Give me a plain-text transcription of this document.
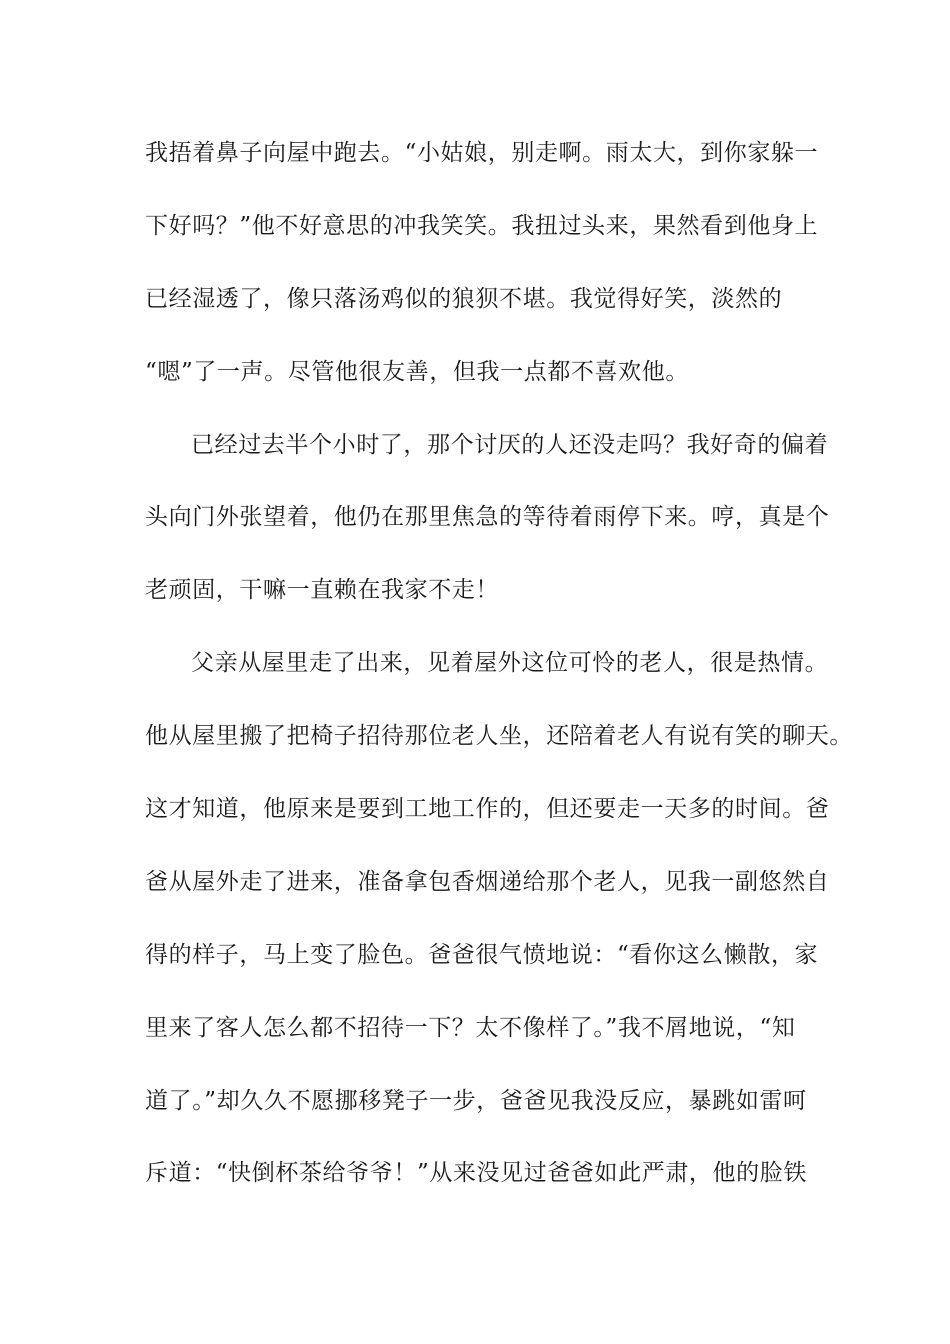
我捂着鼻子向屋中跑去。“小姑娘，别走啊。雨太大，到你家躲一
下好吗？”他不好意思的冲我笑笑。我扭过头来，果然看到他身上
已经湿透了，像只落汤鸡似的狼狈不堪。我觉得好笑，淡然的
“嗯”了一声。尽管他很友善，但我一点都不喜欢他。
已经过去半个小时了，那个讨厌的人还没走吗？我好奇的偏着
头向门外张望着，他仍在那里焦急的等待着雨停下来。哼，真是个
老顽固，干嘛一直赖在我家不走！
父亲从屋里走了出来，见着屋外这位可怜的老人，很是热情。
他从屋里搬了把椅子招待那位老人坐，还陪着老人有说有笑的聊天。
这才知道，他原来是要到工地工作的，但还要走一天多的时间。爸
爸从屋外走了进来，准备拿包香烟递给那个老人，见我一副悠然自
得的样子，马上变了脸色。爸爸很气愤地说：“看你这么懒散，家
里来了客人怎么都不招待一下？太不像样了。”我不屑地说，“知
道了。”却久久不愿挪移凳子一步，爸爸见我没反应，暴跳如雷呵
斥道：“快倒杯茶给爷爷！”从来没见过爸爸如此严肃，他的脸铁
